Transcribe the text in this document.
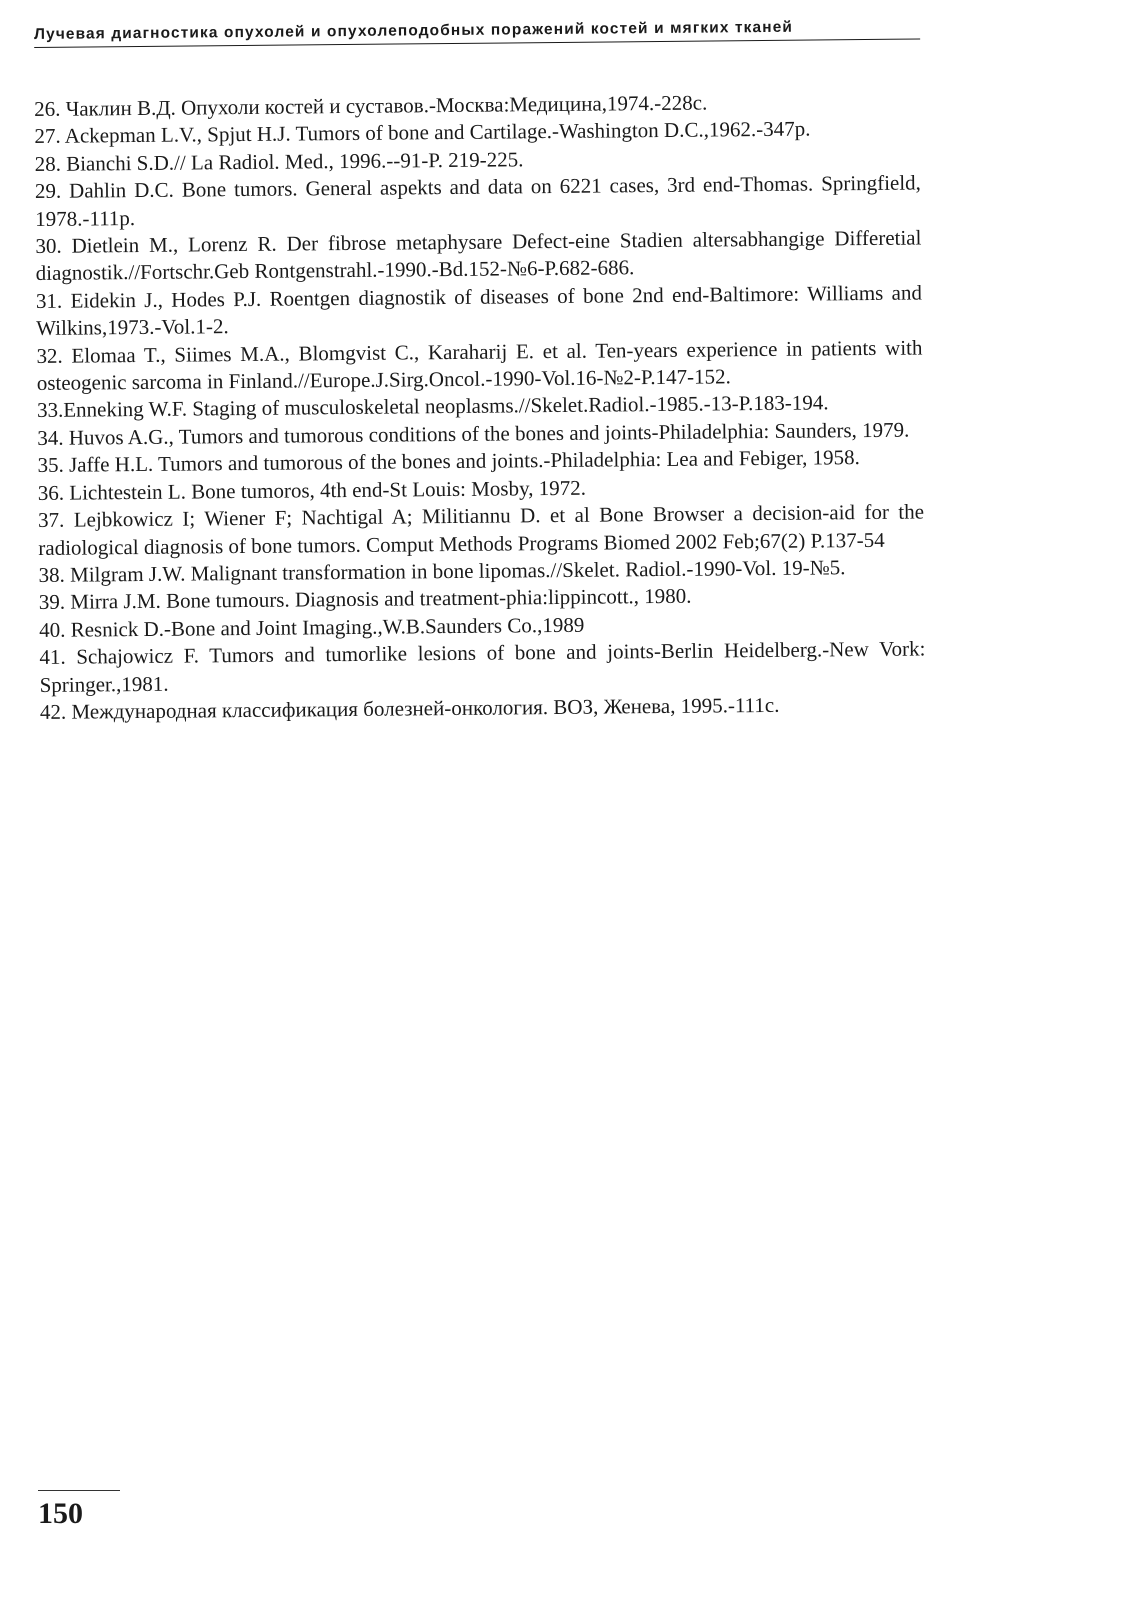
Лучевая диагностика опухолей и опухолеподобных поражений костей и мягких тканей
26. Чаклин В.Д. Опухоли костей и суставов.-Москва:Медицина,1974.-228с.
27. Ackepman L.V., Spjut H.J. Tumors of bone and Cartilage.-Washington D.C.,1962.-347p.
28. Bianchi S.D.// La Radiol. Med., 1996.--91-P. 219-225.
29. Dahlin D.C. Bone tumors. General aspekts and data on 6221 cases, 3rd end-Thomas. Springfield, 1978.-111p.
30. Dietlein M., Lorenz R. Der fibrose metaphysare Defect-eine Stadien altersabhangige Differetial diagnostik.//Fortschr.Geb Rontgenstrahl.-1990.-Bd.152-№6-P.682-686.
31. Eidekin J., Hodes P.J. Roentgen diagnostik of diseases of bone 2nd end-Baltimore: Williams and Wilkins,1973.-Vol.1-2.
32. Elomaa T., Siimes M.A., Blomgvist C., Karaharij E. et al. Ten-years experience in patients with osteogenic sarcoma in Finland.//Europe.J.Sirg.Oncol.-1990-Vol.16-№2-P.147-152.
33.Enneking W.F. Staging of musculoskeletal neoplasms.//Skelet.Radiol.-1985.-13-P.183-194.
34. Huvos A.G., Tumors and tumorous conditions of the bones and joints-Philadelphia: Saunders, 1979.
35. Jaffe H.L. Tumors and tumorous of the bones and joints.-Philadelphia: Lea and Febiger, 1958.
36. Lichtestein L. Bone tumoros, 4th end-St Louis: Mosby, 1972.
37. Lejbkowicz I; Wiener F; Nachtigal A; Militiannu D. et al Bone Browser a decision-aid for the radiological diagnosis of bone tumors. Comput Methods Programs Biomed 2002 Feb;67(2) P.137-54
38. Milgram J.W. Malignant transformation in bone lipomas.//Skelet. Radiol.-1990-Vol. 19-№5.
39. Mirra J.M. Bone tumours. Diagnosis and treatment-phia:lippincott., 1980.
40. Resnick D.-Bone and Joint Imaging.,W.B.Saunders Co.,1989
41. Schajowicz F. Tumors and tumorlike lesions of bone and joints-Berlin Heidelberg.-New Vork: Springer.,1981.
42. Международная классификация болезней-онкология. ВОЗ, Женева, 1995.-111с.
150
